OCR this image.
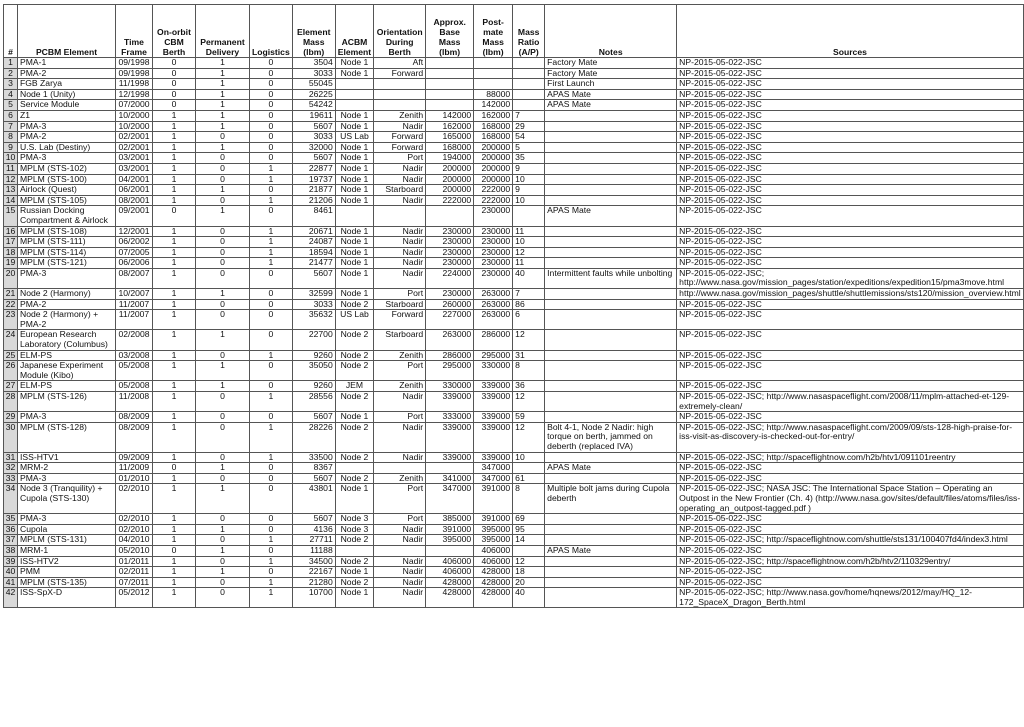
#	PCBM Element	Time Frame	On-orbit CBM Berth	Permanent Delivery	Logistics	Element Mass (lbm)	ACBM Element	Orientation During Berth	Approx. Base Mass (lbm)	Post-mate Mass (lbm)	Mass Ratio (A/P)	Notes	Sources
1	PMA-1	09/1998	0	1	0	3504	Node 1	Aft				Factory Mate	NP-2015-05-022-JSC
2	PMA-2	09/1998	0	1	0	3033	Node 1	Forward				Factory Mate	NP-2015-05-022-JSC
3	FGB Zarya	11/1998	0	1	0	55045						First Launch	NP-2015-05-022-JSC
4	Node 1 (Unity)	12/1998	0	1	0	26225				88000		APAS Mate	NP-2015-05-022-JSC
5	Service Module	07/2000	0	1	0	54242				142000		APAS Mate	NP-2015-05-022-JSC
6	Z1	10/2000	1	1	0	19611	Node 1	Zenith	142000	162000	7		NP-2015-05-022-JSC
7	PMA-3	10/2000	1	1	0	5607	Node 1	Nadir	162000	168000	29		NP-2015-05-022-JSC
8	PMA-2	02/2001	1	0	0	3033	US Lab	Forward	165000	168000	54		NP-2015-05-022-JSC
9	U.S. Lab (Destiny)	02/2001	1	1	0	32000	Node 1	Forward	168000	200000	5		NP-2015-05-022-JSC
10	PMA-3	03/2001	1	0	0	5607	Node 1	Port	194000	200000	35		NP-2015-05-022-JSC
11	MPLM (STS-102)	03/2001	1	0	1	22877	Node 1	Nadir	200000	200000	9		NP-2015-05-022-JSC
12	MPLM (STS-100)	04/2001	1	0	1	19737	Node 1	Nadir	200000	200000	10		NP-2015-05-022-JSC
13	Airlock (Quest)	06/2001	1	1	0	21877	Node 1	Starboard	200000	222000	9		NP-2015-05-022-JSC
14	MPLM (STS-105)	08/2001	1	0	1	21206	Node 1	Nadir	222000	222000	10		NP-2015-05-022-JSC
15	Russian Docking Compartment & Airlock	09/2001	0	1	0	8461				230000		APAS Mate	NP-2015-05-022-JSC
16	MPLM (STS-108)	12/2001	1	0	1	20671	Node 1	Nadir	230000	230000	11		NP-2015-05-022-JSC
17	MPLM (STS-111)	06/2002	1	0	1	24087	Node 1	Nadir	230000	230000	10		NP-2015-05-022-JSC
18	MPLM (STS-114)	07/2005	1	0	1	18594	Node 1	Nadir	230000	230000	12		NP-2015-05-022-JSC
19	MPLM (STS-121)	06/2006	1	0	1	21477	Node 1	Nadir	230000	230000	11		NP-2015-05-022-JSC
20	PMA-3	08/2007	1	0	0	5607	Node 1	Nadir	224000	230000	40	Intermittent faults while unbolting	NP-2015-05-022-JSC; http://www.nasa.gov/mission_pages/station/expeditions/expedition15/pma3move.html
21	Node 2 (Harmony)	10/2007	1	1	0	32599	Node 1	Port	230000	263000	7		http://www.nasa.gov/mission_pages/shuttle/shuttlemissions/sts120/mission_overview.html
22	PMA-2	11/2007	1	0	0	3033	Node 2	Starboard	260000	263000	86		NP-2015-05-022-JSC
23	Node 2 (Harmony) + PMA-2	11/2007	1	0	0	35632	US Lab	Forward	227000	263000	6		NP-2015-05-022-JSC
24	European Research Laboratory (Columbus)	02/2008	1	1	0	22700	Node 2	Starboard	263000	286000	12		NP-2015-05-022-JSC
25	ELM-PS	03/2008	1	0	1	9260	Node 2	Zenith	286000	295000	31		NP-2015-05-022-JSC
26	Japanese Experiment Module (Kibo)	05/2008	1	1	0	35050	Node 2	Port	295000	330000	8		NP-2015-05-022-JSC
27	ELM-PS	05/2008	1	1	0	9260	JEM	Zenith	330000	339000	36		NP-2015-05-022-JSC
28	MPLM (STS-126)	11/2008	1	0	1	28556	Node 2	Nadir	339000	339000	12		NP-2015-05-022-JSC; http://www.nasaspaceflight.com/2008/11/mplm-attached-et-129-extremely-clean/
29	PMA-3	08/2009	1	0	0	5607	Node 1	Port	333000	339000	59		NP-2015-05-022-JSC
30	MPLM (STS-128)	08/2009	1	0	1	28226	Node 2	Nadir	339000	339000	12	Bolt 4-1, Node 2 Nadir: high torque on berth, jammed on deberth (replaced IVA)	NP-2015-05-022-JSC; http://www.nasaspaceflight.com/2009/09/sts-128-high-praise-for-iss-visit-as-discovery-is-checked-out-for-entry/
31	ISS-HTV1	09/2009	1	0	1	33500	Node 2	Nadir	339000	339000	10		NP-2015-05-022-JSC; http://spaceflightnow.com/h2b/htv1/091101reentry
32	MRM-2	11/2009	0	1	0	8367				347000		APAS Mate	NP-2015-05-022-JSC
33	PMA-3	01/2010	1	0	0	5607	Node 2	Zenith	341000	347000	61		NP-2015-05-022-JSC
34	Node 3 (Tranquility) + Cupola (STS-130)	02/2010	1	1	0	43801	Node 1	Port	347000	391000	8	Multiple bolt jams during Cupola deberth	NP-2015-05-022-JSC; NASA JSC: The International Space Station – Operating an Outpost in the New Frontier (Ch. 4) (http://www.nasa.gov/sites/default/files/atoms/files/iss-operating_an_outpost-tagged.pdf )
35	PMA-3	02/2010	1	0	0	5607	Node 3	Port	385000	391000	69		NP-2015-05-022-JSC
36	Cupola	02/2010	1	1	0	4136	Node 3	Nadir	391000	395000	95		NP-2015-05-022-JSC
37	MPLM (STS-131)	04/2010	1	0	1	27711	Node 2	Nadir	395000	395000	14		NP-2015-05-022-JSC; http://spaceflightnow.com/shuttle/sts131/100407fd4/index3.html
38	MRM-1	05/2010	0	1	0	11188				406000		APAS Mate	NP-2015-05-022-JSC
39	ISS-HTV2	01/2011	1	0	1	34500	Node 2	Nadir	406000	406000	12		NP-2015-05-022-JSC; http://spaceflightnow.com/h2b/htv2/110329entry/
40	PMM	02/2011	1	1	0	22167	Node 1	Nadir	406000	428000	18		NP-2015-05-022-JSC
41	MPLM (STS-135)	07/2011	1	0	1	21280	Node 2	Nadir	428000	428000	20		NP-2015-05-022-JSC
42	ISS-SpX-D	05/2012	1	0	1	10700	Node 1	Nadir	428000	428000	40		NP-2015-05-022-JSC; http://www.nasa.gov/home/hqnews/2012/may/HQ_12-172_SpaceX_Dragon_Berth.html
